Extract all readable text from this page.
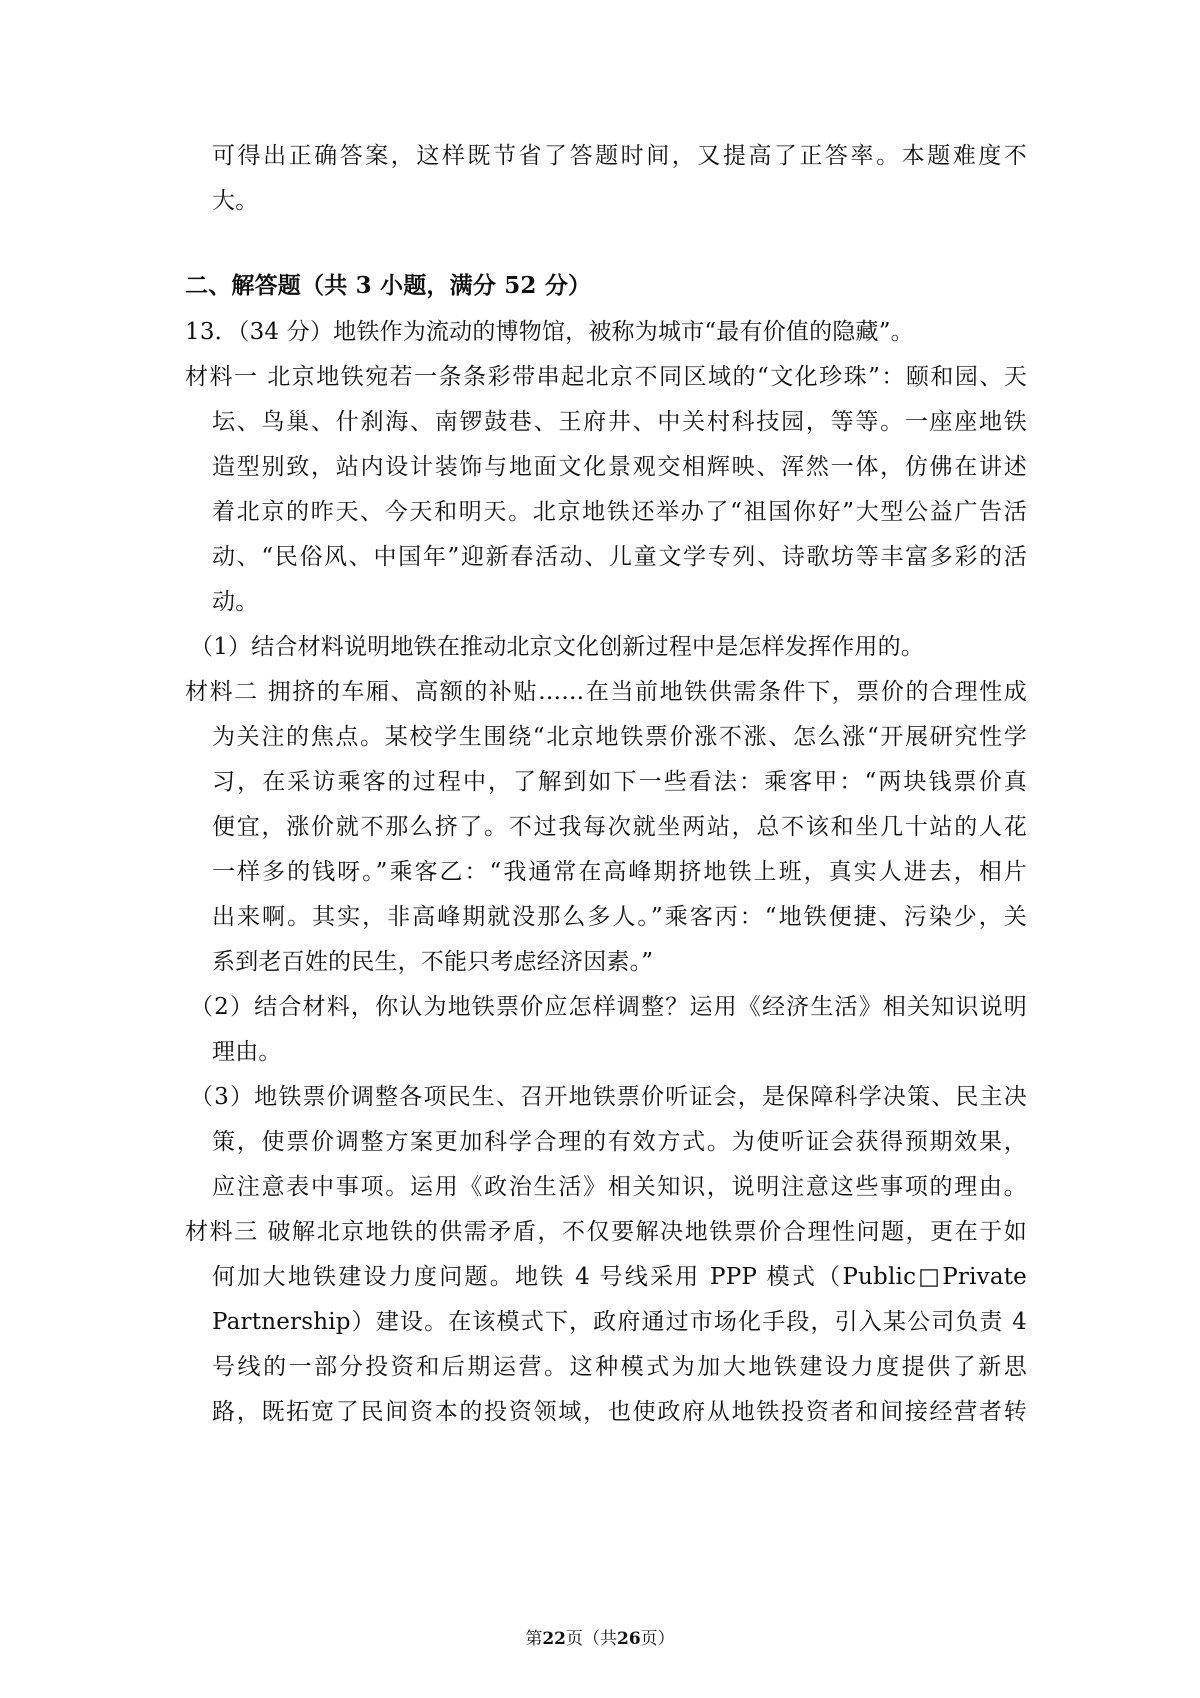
可得出正确答案，这样既节省了答题时间，又提高了正答率。本题难度不
大。
二、解答题（共 3 小题，满分 52 分）
13．（34 分）地铁作为流动的博物馆，被称为城市“最有价值的隐藏”。
材料一 北京地铁宛若一条条彩带串起北京不同区域的“文化珍珠”：颐和园、天
坛、鸟巢、什刹海、南锣鼓巷、王府井、中关村科技园，等等。一座座地铁
造型别致，站内设计装饰与地面文化景观交相辉映、浑然一体，仿佛在讲述
着北京的昨天、今天和明天。北京地铁还举办了“祖国你好”大型公益广告活
动、“民俗风、中国年”迎新春活动、儿童文学专列、诗歌坊等丰富多彩的活
动。
（1）结合材料说明地铁在推动北京文化创新过程中是怎样发挥作用的。
材料二 拥挤的车厢、高额的补贴……在当前地铁供需条件下，票价的合理性成
为关注的焦点。某校学生围绕“北京地铁票价涨不涨、怎么涨“开展研究性学
习，在采访乘客的过程中，了解到如下一些看法：乘客甲：“两块钱票价真
便宜，涨价就不那么挤了。不过我每次就坐两站，总不该和坐几十站的人花
一样多的钱呀。”乘客乙：“我通常在高峰期挤地铁上班，真实人进去，相片
出来啊。其实，非高峰期就没那么多人。”乘客丙：“地铁便捷、污染少，关
系到老百姓的民生，不能只考虑经济因素。”
（2）结合材料，你认为地铁票价应怎样调整？运用《经济生活》相关知识说明
理由。
（3）地铁票价调整各项民生、召开地铁票价听证会，是保障科学决策、民主决
策，使票价调整方案更加科学合理的有效方式。为使听证会获得预期效果，
应注意表中事项。运用《政治生活》相关知识，说明注意这些事项的理由。
材料三 破解北京地铁的供需矛盾，不仅要解决地铁票价合理性问题，更在于如
何加大地铁建设力度问题。地铁 4 号线采用 PPP 模式（Public□Private
Partnership）建设。在该模式下，政府通过市场化手段，引入某公司负责 4
号线的一部分投资和后期运营。这种模式为加大地铁建设力度提供了新思
路，既拓宽了民间资本的投资领域，也使政府从地铁投资者和间接经营者转
第22页（共26页）
